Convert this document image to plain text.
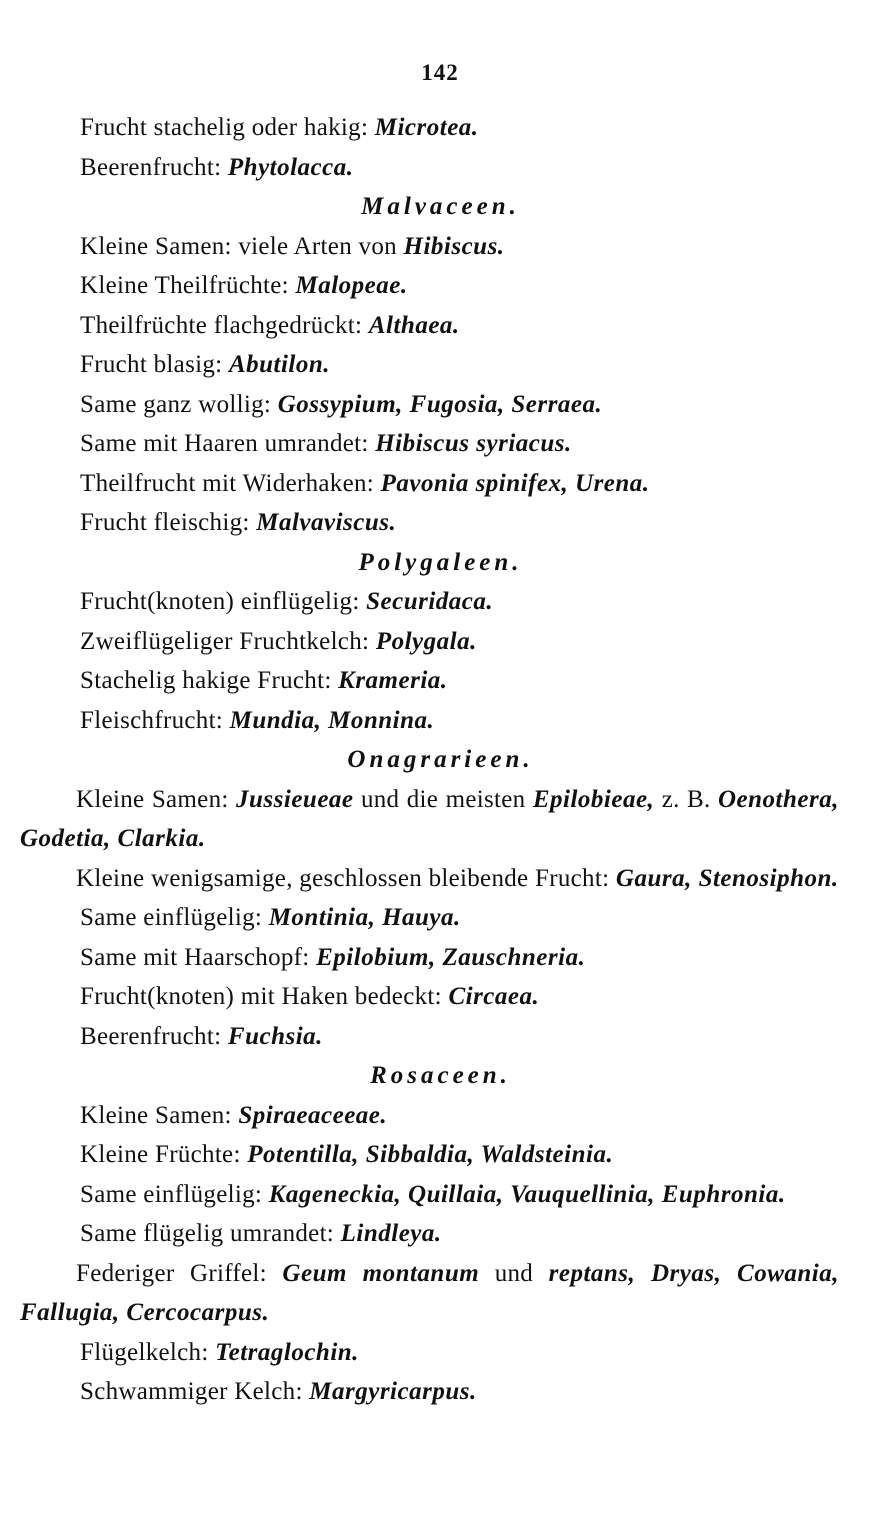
142
Frucht stachelig oder hakig: Microtea.
Beerenfrucht: Phytolacca.
Malvaceen.
Kleine Samen: viele Arten von Hibiscus.
Kleine Theilfrüchte: Malopeae.
Theilfrüchte flachgedrückt: Althaea.
Frucht blasig: Abutilon.
Same ganz wollig: Gossypium, Fugosia, Serraea.
Same mit Haaren umrandet: Hibiscus syriacus.
Theilfrucht mit Widerhaken: Pavonia spinifex, Urena.
Frucht fleischig: Malvaviscus.
Polygaleen.
Frucht(knoten) einflügelig: Securidaca.
Zweiflügeliger Fruchtkelch: Polygala.
Stachelig hakige Frucht: Krameria.
Fleischfrucht: Mundia, Monnina.
Onagrarieen.
Kleine Samen: Jussieueae und die meisten Epilobieae, z. B. Oenothera, Godetia, Clarkia.
Kleine wenigsamige, geschlossen bleibende Frucht: Gaura, Stenosiphon.
Same einflügelig: Montinia, Hauya.
Same mit Haarschopf: Epilobium, Zauschneria.
Frucht(knoten) mit Haken bedeckt: Circaea.
Beerenfrucht: Fuchsia.
Rosaceen.
Kleine Samen: Spiraeaceeae.
Kleine Früchte: Potentilla, Sibbaldia, Waldsteinia.
Same einflügelig: Kageneckia, Quillaia, Vauquellinia, Euphronia.
Same flügelig umrandet: Lindleya.
Federiger Griffel: Geum montanum und reptans, Dryas, Cowania, Fallugia, Cercocarpus.
Flügelkelch: Tetraglochin.
Schwammiger Kelch: Margyricarpus.
